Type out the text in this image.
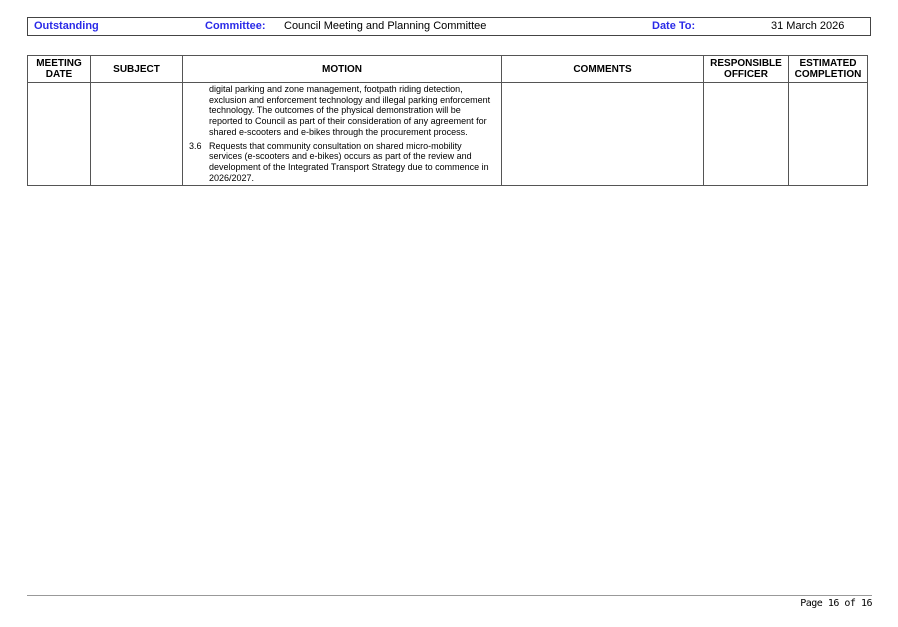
Outstanding	Committee: Council Meeting and Planning Committee	Date To:	31 March 2026
MEETING DATE	SUBJECT	MOTION	COMMENTS	RESPONSIBLE OFFICER	ESTIMATED COMPLETION

		digital parking and zone management, footpath riding detection, exclusion and enforcement technology and illegal parking enforcement technology. The outcomes of the physical demonstration will be reported to Council as part of their consideration of any agreement for shared e-scooters and e-bikes through the procurement process.
3.6 Requests that community consultation on shared micro-mobility services (e-scooters and e-bikes) occurs as part of the review and development of the Integrated Transport Strategy due to commence in 2026/2027.			

Page 16 of 16
